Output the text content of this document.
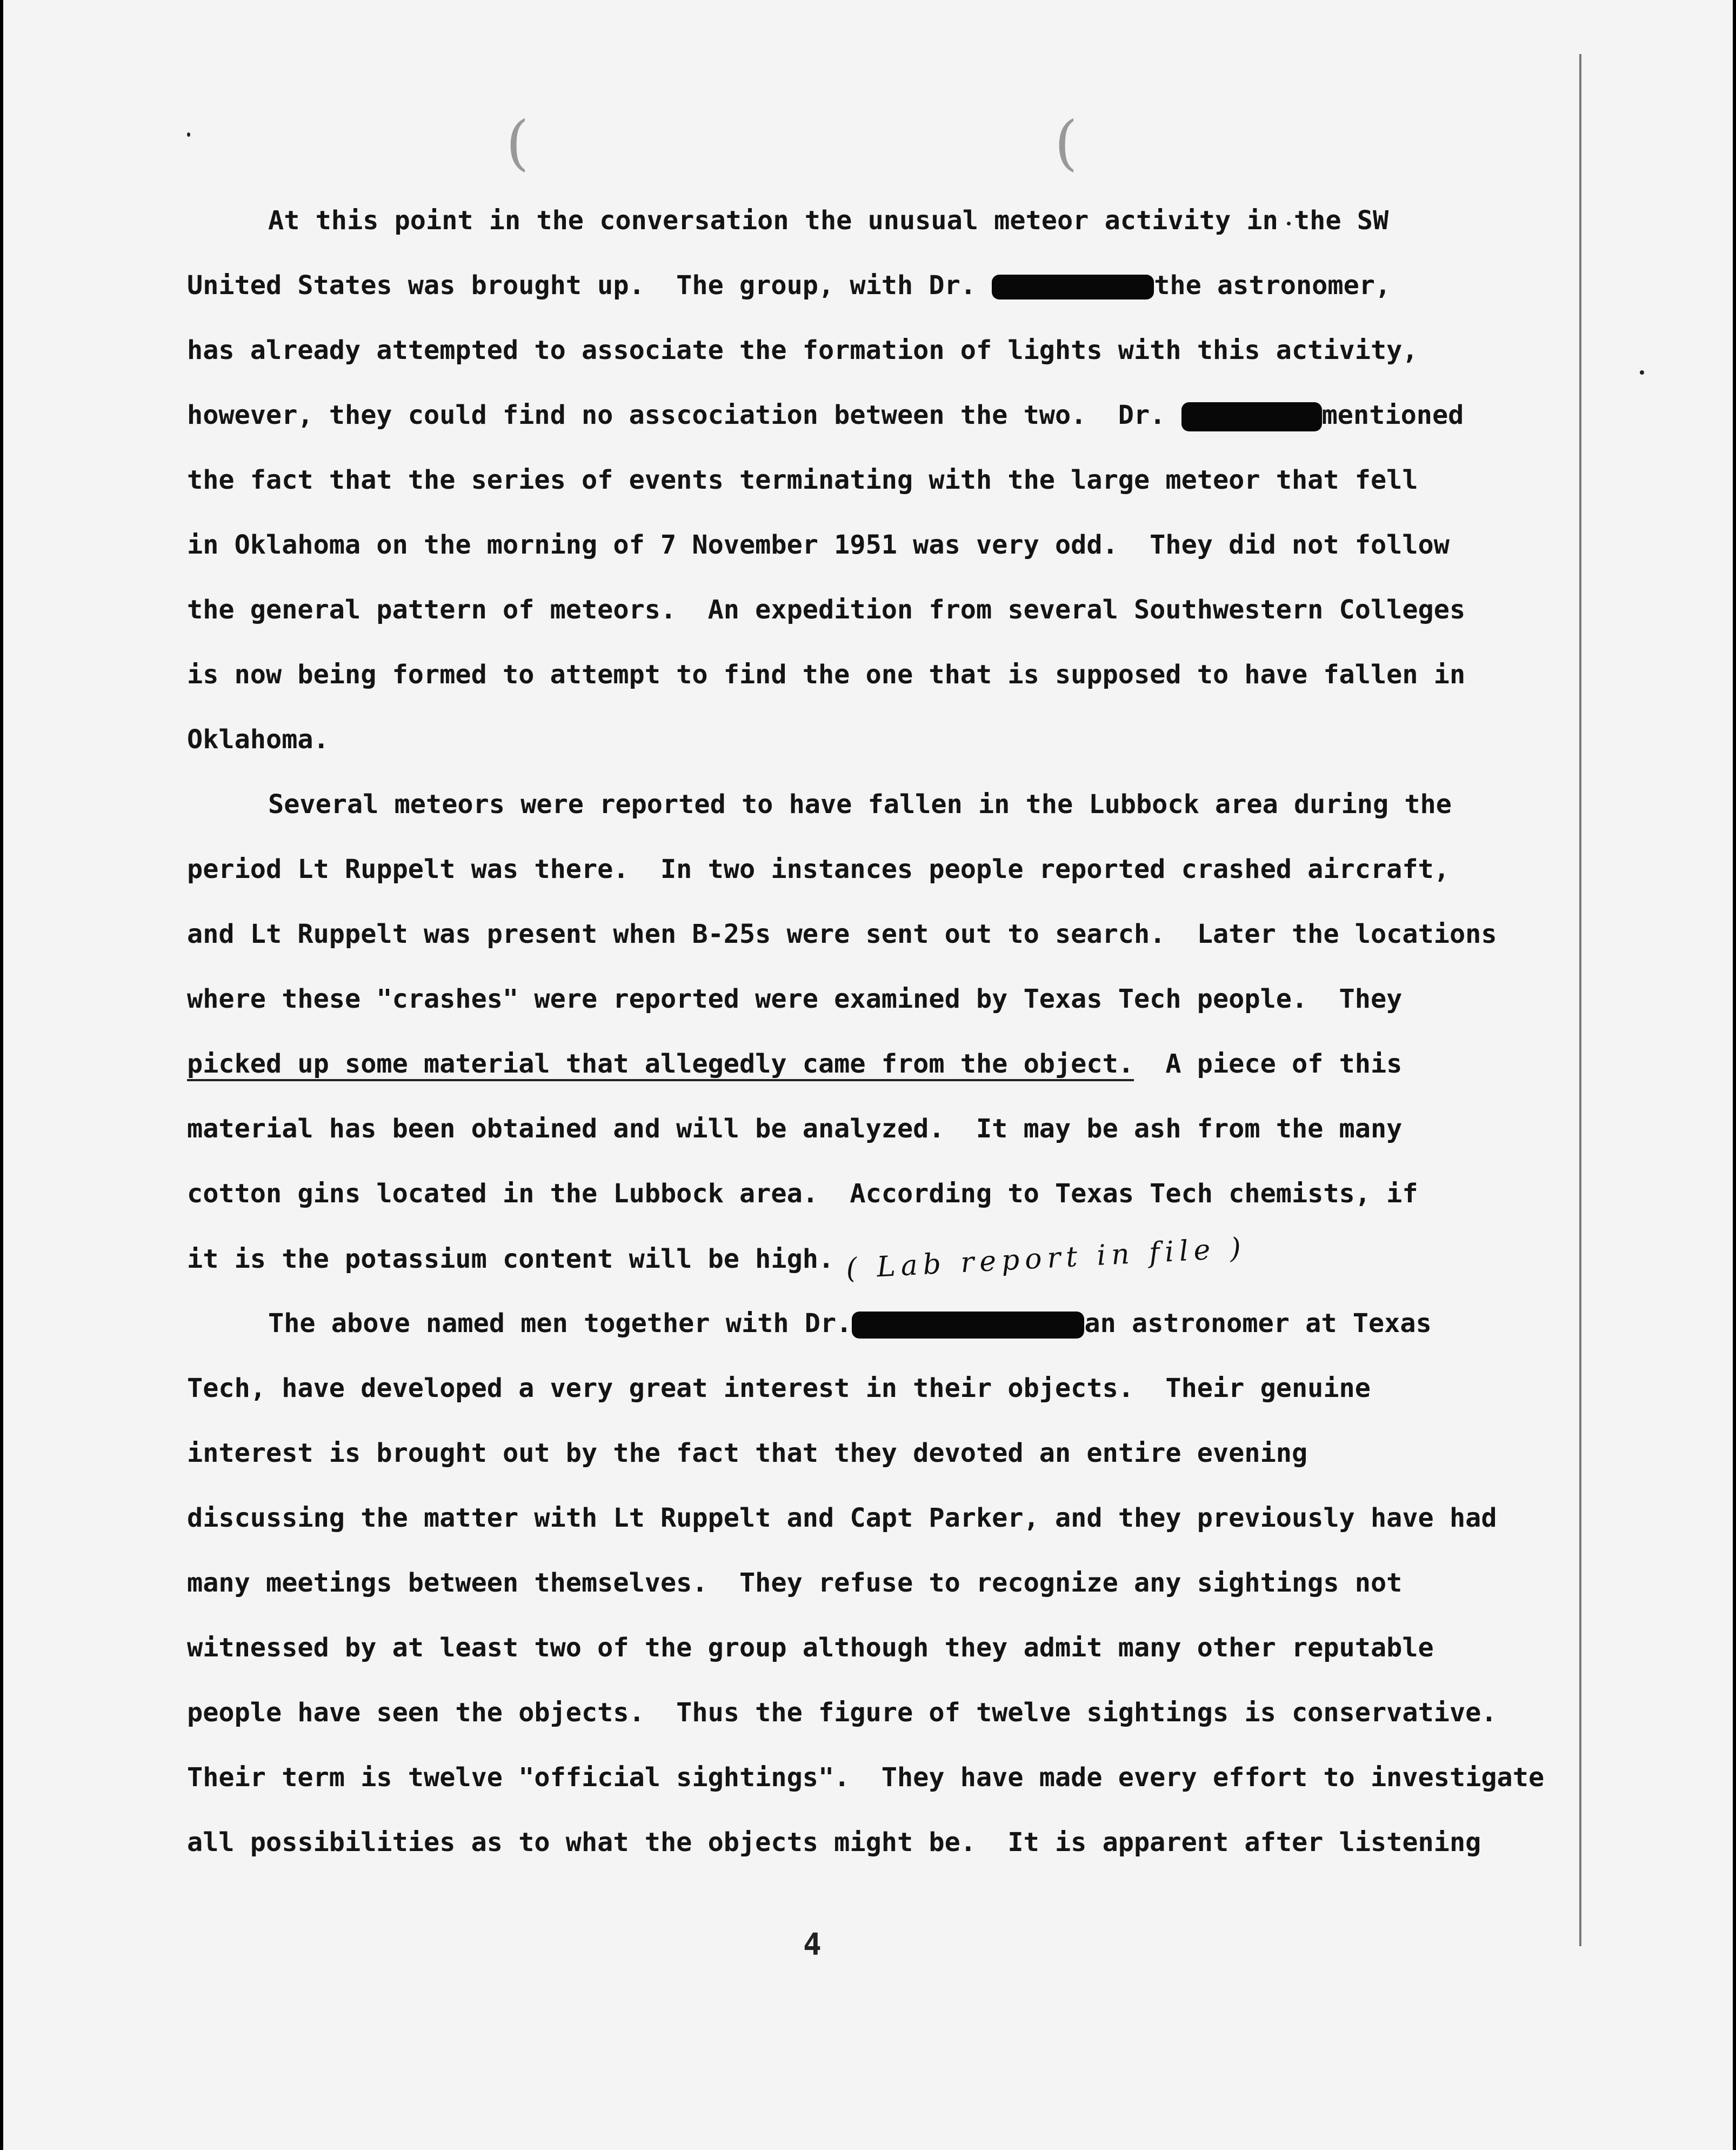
(	(

At this point in the conversation the unusual meteor activity in the SW

United States was brought up.  The group, with Dr.	the astronomer,

has already attempted to associate the formation of lights with this activity,

however, they could find no asscociation between the two.  Dr.	mentioned

the fact that the series of events terminating with the large meteor that fell

in Oklahoma on the morning of 7 November 1951 was very odd.  They did not follow

the general pattern of meteors.  An expedition from several Southwestern Colleges

is now being formed to attempt to find the one that is supposed to have fallen in

Oklahoma.

Several meteors were reported to have fallen in the Lubbock area during the

period Lt Ruppelt was there.  In two instances people reported crashed aircraft,

and Lt Ruppelt was present when B-25s were sent out to search.  Later the locations

where these "crashes" were reported were examined by Texas Tech people.  They

picked up some material that allegedly came from the object.  A piece of this

material has been obtained and will be analyzed.  It may be ash from the many

cotton gins located in the Lubbock area.  According to Texas Tech chemists, if

it is the potassium content will be high. ( Lab report in file )

The above named men together with Dr.	an astronomer at Texas

Tech, have developed a very great interest in their objects.  Their genuine

interest is brought out by the fact that they devoted an entire evening

discussing the matter with Lt Ruppelt and Capt Parker, and they previously have had

many meetings between themselves.  They refuse to recognize any sightings not

witnessed by at least two of the group although they admit many other reputable

people have seen the objects.  Thus the figure of twelve sightings is conservative.

Their term is twelve "official sightings".  They have made every effort to investigate

all possibilities as to what the objects might be.  It is apparent after listening

4
